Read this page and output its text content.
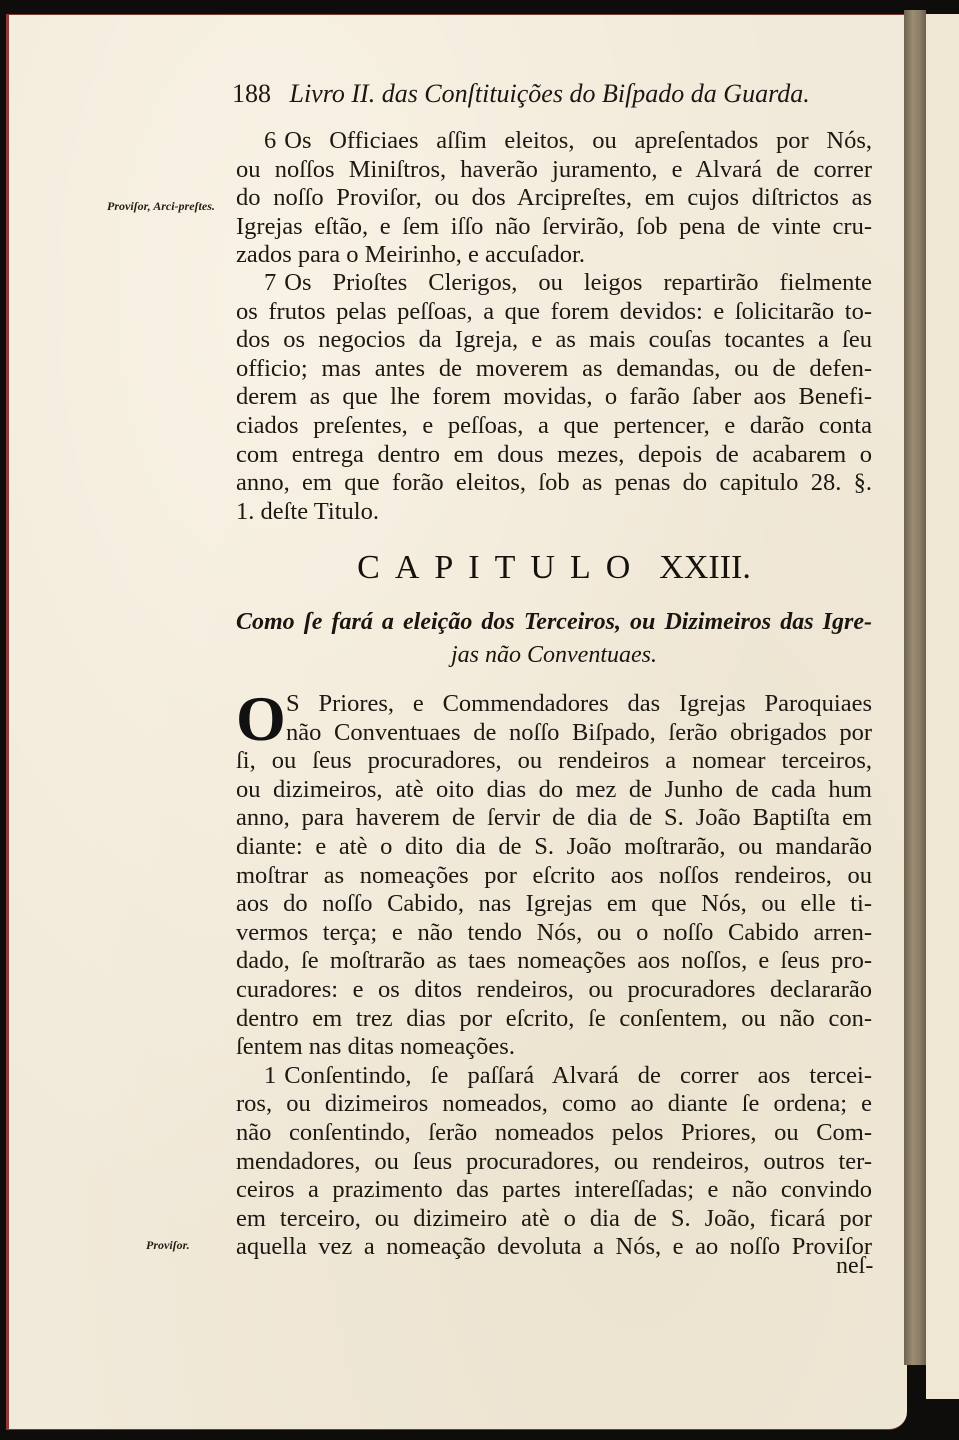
188 Livro II. das Conſtituições do Biſpado da Guarda.
Proviſor, Arci-preſtes.
Proviſor.
6 Os Officiaes aſſim eleitos, ou apreſentados por Nós,
ou noſſos Miniſtros, haverão juramento, e Alvará de correr
do noſſo Proviſor, ou dos Arcipreſtes, em cujos diſtrictos as
Igrejas eſtão, e ſem iſſo não ſervirão, ſob pena de vinte cru-
zados para o Meirinho, e accuſador.
7 Os Prioſtes Clerigos, ou leigos repartirão fielmente
os frutos pelas peſſoas, a que forem devidos: e ſolicitarão to-
dos os negocios da Igreja, e as mais couſas tocantes a ſeu
officio; mas antes de moverem as demandas, ou de defen-
derem as que lhe forem movidas, o farão ſaber aos Benefi-
ciados preſentes, e peſſoas, a que pertencer, e darão conta
com entrega dentro em dous mezes, depois de acabarem o
anno, em que forão eleitos, ſob as penas do capitulo 28. §.
1. deſte Titulo.
CAPITULO XXIII.
Como ſe fará a eleição dos Terceiros, ou Dizimeiros das Igre-
jas não Conventuaes.
O S Priores, e Commendadores das Igrejas Paroquiaes
não Conventuaes de noſſo Biſpado, ſerão obrigados por
ſi, ou ſeus procuradores, ou rendeiros a nomear terceiros,
ou dizimeiros, atè oito dias do mez de Junho de cada hum
anno, para haverem de ſervir de dia de S. João Baptiſta em
diante: e atè o dito dia de S. João moſtrarão, ou mandarão
moſtrar as nomeações por eſcrito aos noſſos rendeiros, ou
aos do noſſo Cabido, nas Igrejas em que Nós, ou elle ti-
vermos terça; e não tendo Nós, ou o noſſo Cabido arren-
dado, ſe moſtrarão as taes nomeações aos noſſos, e ſeus pro-
curadores: e os ditos rendeiros, ou procuradores declararão
dentro em trez dias por eſcrito, ſe conſentem, ou não con-
ſentem nas ditas nomeações.
1 Conſentindo, ſe paſſará Alvará de correr aos tercei-
ros, ou dizimeiros nomeados, como ao diante ſe ordena; e
não conſentindo, ſerão nomeados pelos Priores, ou Com-
mendadores, ou ſeus procuradores, ou rendeiros, outros ter-
ceiros a prazimento das partes intereſſadas; e não convindo
em terceiro, ou dizimeiro atè o dia de S. João, ficará por
aquella vez a nomeação devoluta a Nós, e ao noſſo Proviſor
neſ-
